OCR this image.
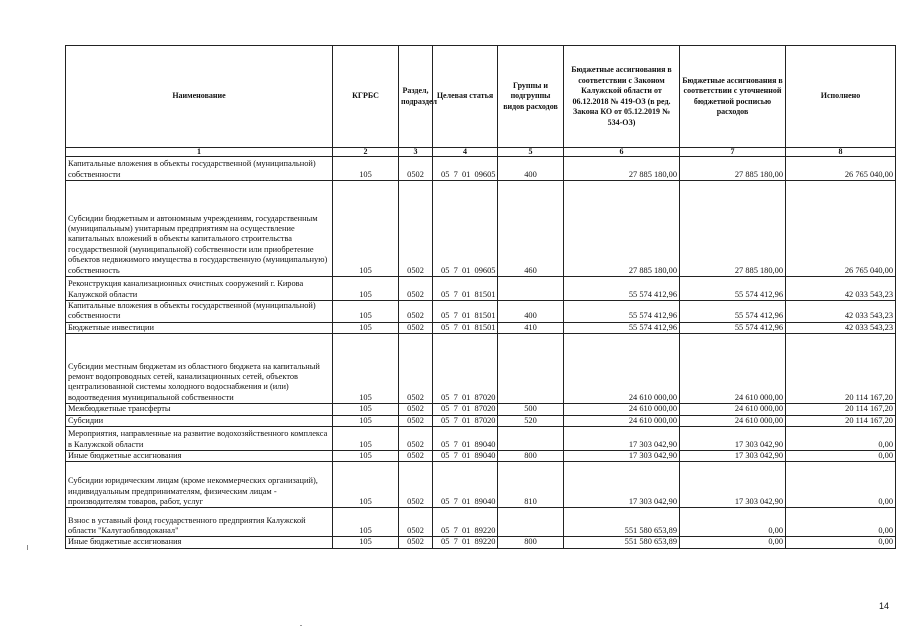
Наименование	КГРБС	Раздел, подраздел	Целевая статья	Группы и подгруппы видов расходов	Бюджетные ассигнования в соответствии с Законом Калужской области от 06.12.2018 № 419-ОЗ (в ред. Закона КО от 05.12.2019 № 534-ОЗ)	Бюджетные ассигнования в соответствии с уточненной бюджетной росписью расходов	Исполнено
1	2	3	4	5	6	7	8
Капитальные вложения в объекты государственной (муниципальной) собственности	105	0502	05  7  01  09605	400	27 885 180,00	27 885 180,00	26 765 040,00
Субсидии бюджетным и автономным учреждениям, государственным (муниципальным) унитарным предприятиям на осуществление капитальных вложений в объекты капитального строительства государственной (муниципальной) собственности или приобретение объектов недвижимого имущества в государственную (муниципальную) собственность	105	0502	05  7  01  09605	460	27 885 180,00	27 885 180,00	26 765 040,00
Реконструкция канализационных очистных сооружений г. Кирова Калужской области	105	0502	05  7  01  81501		55 574 412,96	55 574 412,96	42 033 543,23
Капитальные вложения в объекты государственной (муниципальной) собственности	105	0502	05  7  01  81501	400	55 574 412,96	55 574 412,96	42 033 543,23
Бюджетные инвестиции	105	0502	05  7  01  81501	410	55 574 412,96	55 574 412,96	42 033 543,23
Субсидии местным бюджетам из областного бюджета на капитальный ремонт водопроводных сетей, канализационных сетей, объектов централизованной системы холодного водоснабжения и (или) водоотведения муниципальной собственности	105	0502	05  7  01  87020		24 610 000,00	24 610 000,00	20 114 167,20
Межбюджетные трансферты	105	0502	05  7  01  87020	500	24 610 000,00	24 610 000,00	20 114 167,20
Субсидии	105	0502	05  7  01  87020	520	24 610 000,00	24 610 000,00	20 114 167,20
Мероприятия, направленные на развитие водохозяйственного комплекса в Калужской области	105	0502	05  7  01  89040		17 303 042,90	17 303 042,90	0,00
Иные бюджетные ассигнования	105	0502	05  7  01  89040	800	17 303 042,90	17 303 042,90	0,00
Субсидии юридическим лицам (кроме некоммерческих организаций), индивидуальным предпринимателям, физическим лицам - производителям товаров, работ, услуг	105	0502	05  7  01  89040	810	17 303 042,90	17 303 042,90	0,00
Взнос в уставный фонд государственного предприятия Калужской области "Калугаоблводоканал"	105	0502	05  7  01  89220		551 580 653,89	0,00	0,00
Иные бюджетные ассигнования	105	0502	05  7  01  89220	800	551 580 653,89	0,00	0,00
14
